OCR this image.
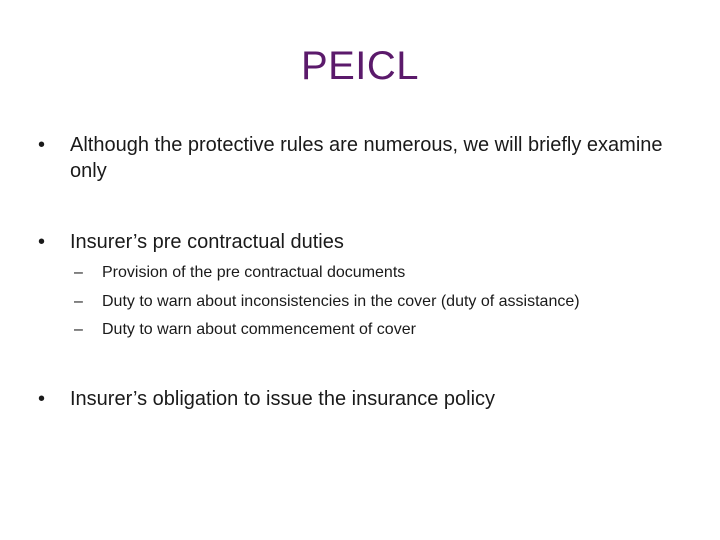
PEICL
•	Although the protective rules are numerous, we will briefly examine only
•	Insurer’s pre contractual duties
–	Provision of the pre contractual documents
–	Duty to warn about inconsistencies in the cover (duty of assistance)
–	Duty to warn about commencement of cover
•	Insurer’s obligation to issue the insurance policy
